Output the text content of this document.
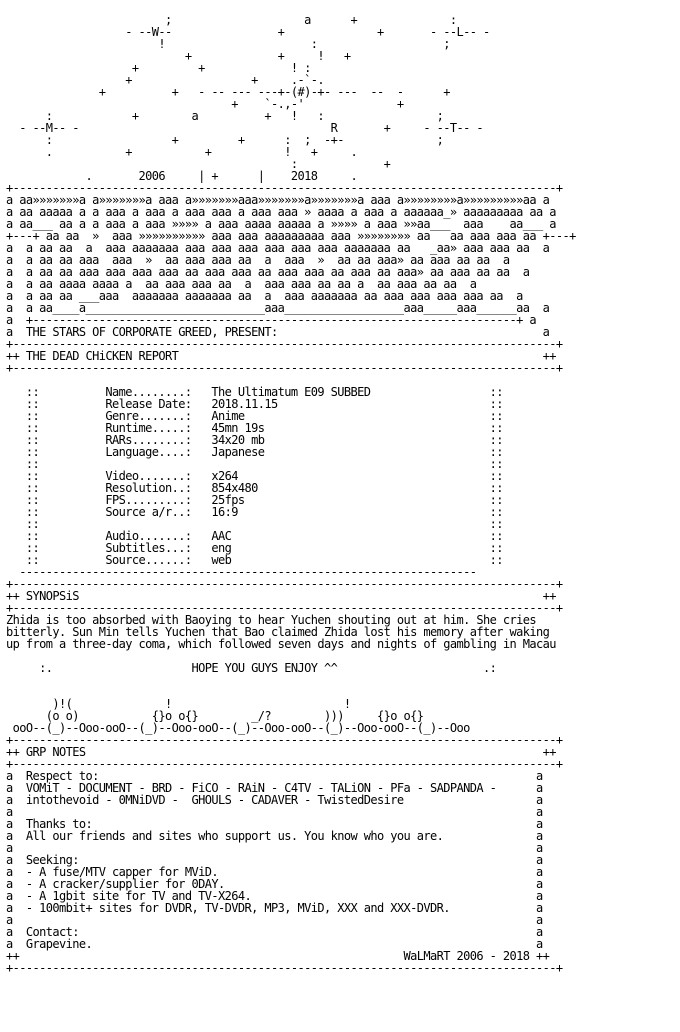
;                    a      +              :
- --W--                +              +       - --L-- -
!                      :                   ;
+             +     !   +
+         +             ! :
+                  +     .-`-.
+          +   - -- --- ---+-(#)-+- ---  --  -      +
+    `-.,-'              +
:            +        a          +   !   :                 ;
- --M-- -                                      R       +     - --T-- -
:                  +         +      :  ;  -+-              ;
.           +           +           !   +     .
:             +
.       2006     | +      |    2018     .
+----------------------------------------------------------------------------------+
a aa»»»»»»»a a»»»»»»»a aaa a»»»»»»»aaa»»»»»»»a»»»»»»»a aaa a»»»»»»»»a»»»»»»»»»aa a
a aa aaaaa a a aaa a aaa a aaa aaa a aaa aaa » aaaa a aaa a aaaaaa_» aaaaaaaaa aa a
a aa___ aa a a aaa a aaa »»»» a aaa aaaa aaaaa a »»»» a aaa »»aa___  aaa    aa___ a
+---+ aa aa  »  aaa »»»»»»»»»» aaa aaa aaaaaaaaa aaa »»»»»»»» aa   aa aaa aaa aa +---+
a  a aa aa  a  aaa aaaaaaa aaa aaa aaa aaa aaa aaa aaaaaaa aa   _aa» aaa aaa aa  a
a  a aa aa aaa  aaa  »  aa aaa aaa aa  a  aaa  »  aa aa aaa» aa aaa aa aa  a
a  a aa aa aaa aaa aaa aaa aa aaa aaa aa aaa aaa aa aaa aa aaa» aa aaa aa aa  a
a  a aa aaaa aaaa a  aa aaa aaa aa  a  aaa aaa aa aa a  aa aaa aa aa  a
a  a aa aa ___aaa  aaaaaaa aaaaaaa aa  a  aaa aaaaaaa aa aaa aaa aaa aaa aa  a
a  a aa____a___________________________aaa__________________aaa_____aaa______aa  a
a  +-------------------------------------------------------------------------+ a
a  THE STARS OF CORPORATE GREED, PRESENT:                                        a
+----------------------------------------------------------------------------------+
++ THE DEAD CHiCKEN REPORT                                                       ++
+----------------------------------------------------------------------------------+

::          Name........:   The Ultimatum E09 SUBBED                  ::
::          Release Date:   2018.11.15                                ::
::          Genre.......:   Anime                                     ::
::          Runtime.....:   45mn 19s                                  ::
::          RARs........:   34x20 mb                                  ::
::          Language....:   Japanese                                  ::
::                                                                    ::
::          Video.......:   x264                                      ::
::          Resolution..:   854x480                                   ::
::          FPS.........:   25fps                                     ::
::          Source a/r..:   16:9                                      ::
::                                                                    ::
::          Audio.......:   AAC                                       ::
::          Subtitles...:   eng                                       ::
::          Source......:   web                                       ::
---------------------------------------------------------------------
+----------------------------------------------------------------------------------+
++ SYNOPSiS                                                                      ++
+----------------------------------------------------------------------------------+
Zhida is too absorbed with Baoying to hear Yuchen shouting out at him. She cries
bitterly. Sun Min tells Yuchen that Bao claimed Zhida lost his memory after waking
up from a three-day coma, which followed seven days and nights of gambling in Macau

:.                     HOPE YOU GUYS ENJOY ^^                      .:

)!(              !                          !
(o o)           {}o o{}        _/?        )))     {}o o{}
ooO--(_)--Ooo-ooO--(_)--Ooo-ooO--(_)--Ooo-ooO--(_)--Ooo-ooO--(_)--Ooo
+----------------------------------------------------------------------------------+
++ GRP NOTES                                                                     ++
+----------------------------------------------------------------------------------+
a  Respect to:                                                                  a
a  VOMiT - DOCUMENT - BRD - FiCO - RAiN - C4TV - TALiON - PFa - SADPANDA -      a
a  intothevoid - 0MNiDVD -  GHOULS - CADAVER - TwistedDesire                    a
a                                                                               a
a  Thanks to:                                                                   a
a  All our friends and sites who support us. You know who you are.              a
a                                                                               a
a  Seeking:                                                                     a
a  - A fuse/MTV capper for MViD.                                                a
a  - A cracker/supplier for 0DAY.                                               a
a  - A 1gbit site for TV and TV-X264.                                           a
a  - 100mbit+ sites for DVDR, TV-DVDR, MP3, MViD, XXX and XXX-DVDR.             a
a                                                                               a
a  Contact:                                                                     a
a  Grapevine.                                                                   a
++                                                          WaLMaRT 2006 - 2018 ++
+----------------------------------------------------------------------------------+
